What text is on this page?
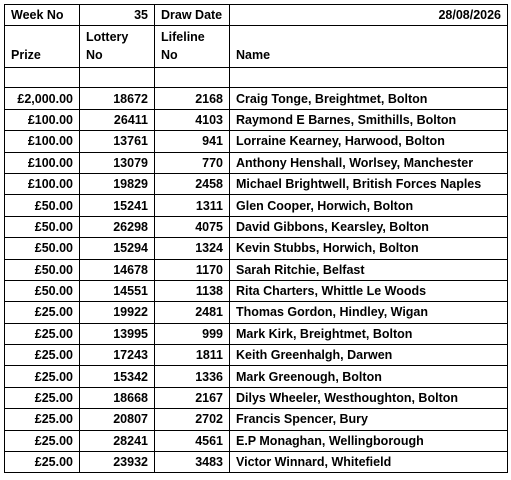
Week No	35	Draw Date	28/08/2026
Prize	Lottery No	Lifeline No	Name

£2,000.00	18672	2168	Craig Tonge, Breightmet, Bolton
£100.00	26411	4103	Raymond E Barnes, Smithills, Bolton
£100.00	13761	941	Lorraine Kearney, Harwood, Bolton
£100.00	13079	770	Anthony Henshall, Worlsey, Manchester
£100.00	19829	2458	Michael Brightwell, British Forces Naples
£50.00	15241	1311	Glen Cooper, Horwich, Bolton
£50.00	26298	4075	David Gibbons, Kearsley, Bolton
£50.00	15294	1324	Kevin Stubbs, Horwich, Bolton
£50.00	14678	1170	Sarah Ritchie, Belfast
£50.00	14551	1138	Rita Charters, Whittle Le Woods
£25.00	19922	2481	Thomas Gordon, Hindley, Wigan
£25.00	13995	999	Mark Kirk, Breightmet, Bolton
£25.00	17243	1811	Keith Greenhalgh, Darwen
£25.00	15342	1336	Mark Greenough, Bolton
£25.00	18668	2167	Dilys Wheeler, Westhoughton, Bolton
£25.00	20807	2702	Francis Spencer, Bury
£25.00	28241	4561	E.P Monaghan, Wellingborough
£25.00	23932	3483	Victor Winnard, Whitefield
